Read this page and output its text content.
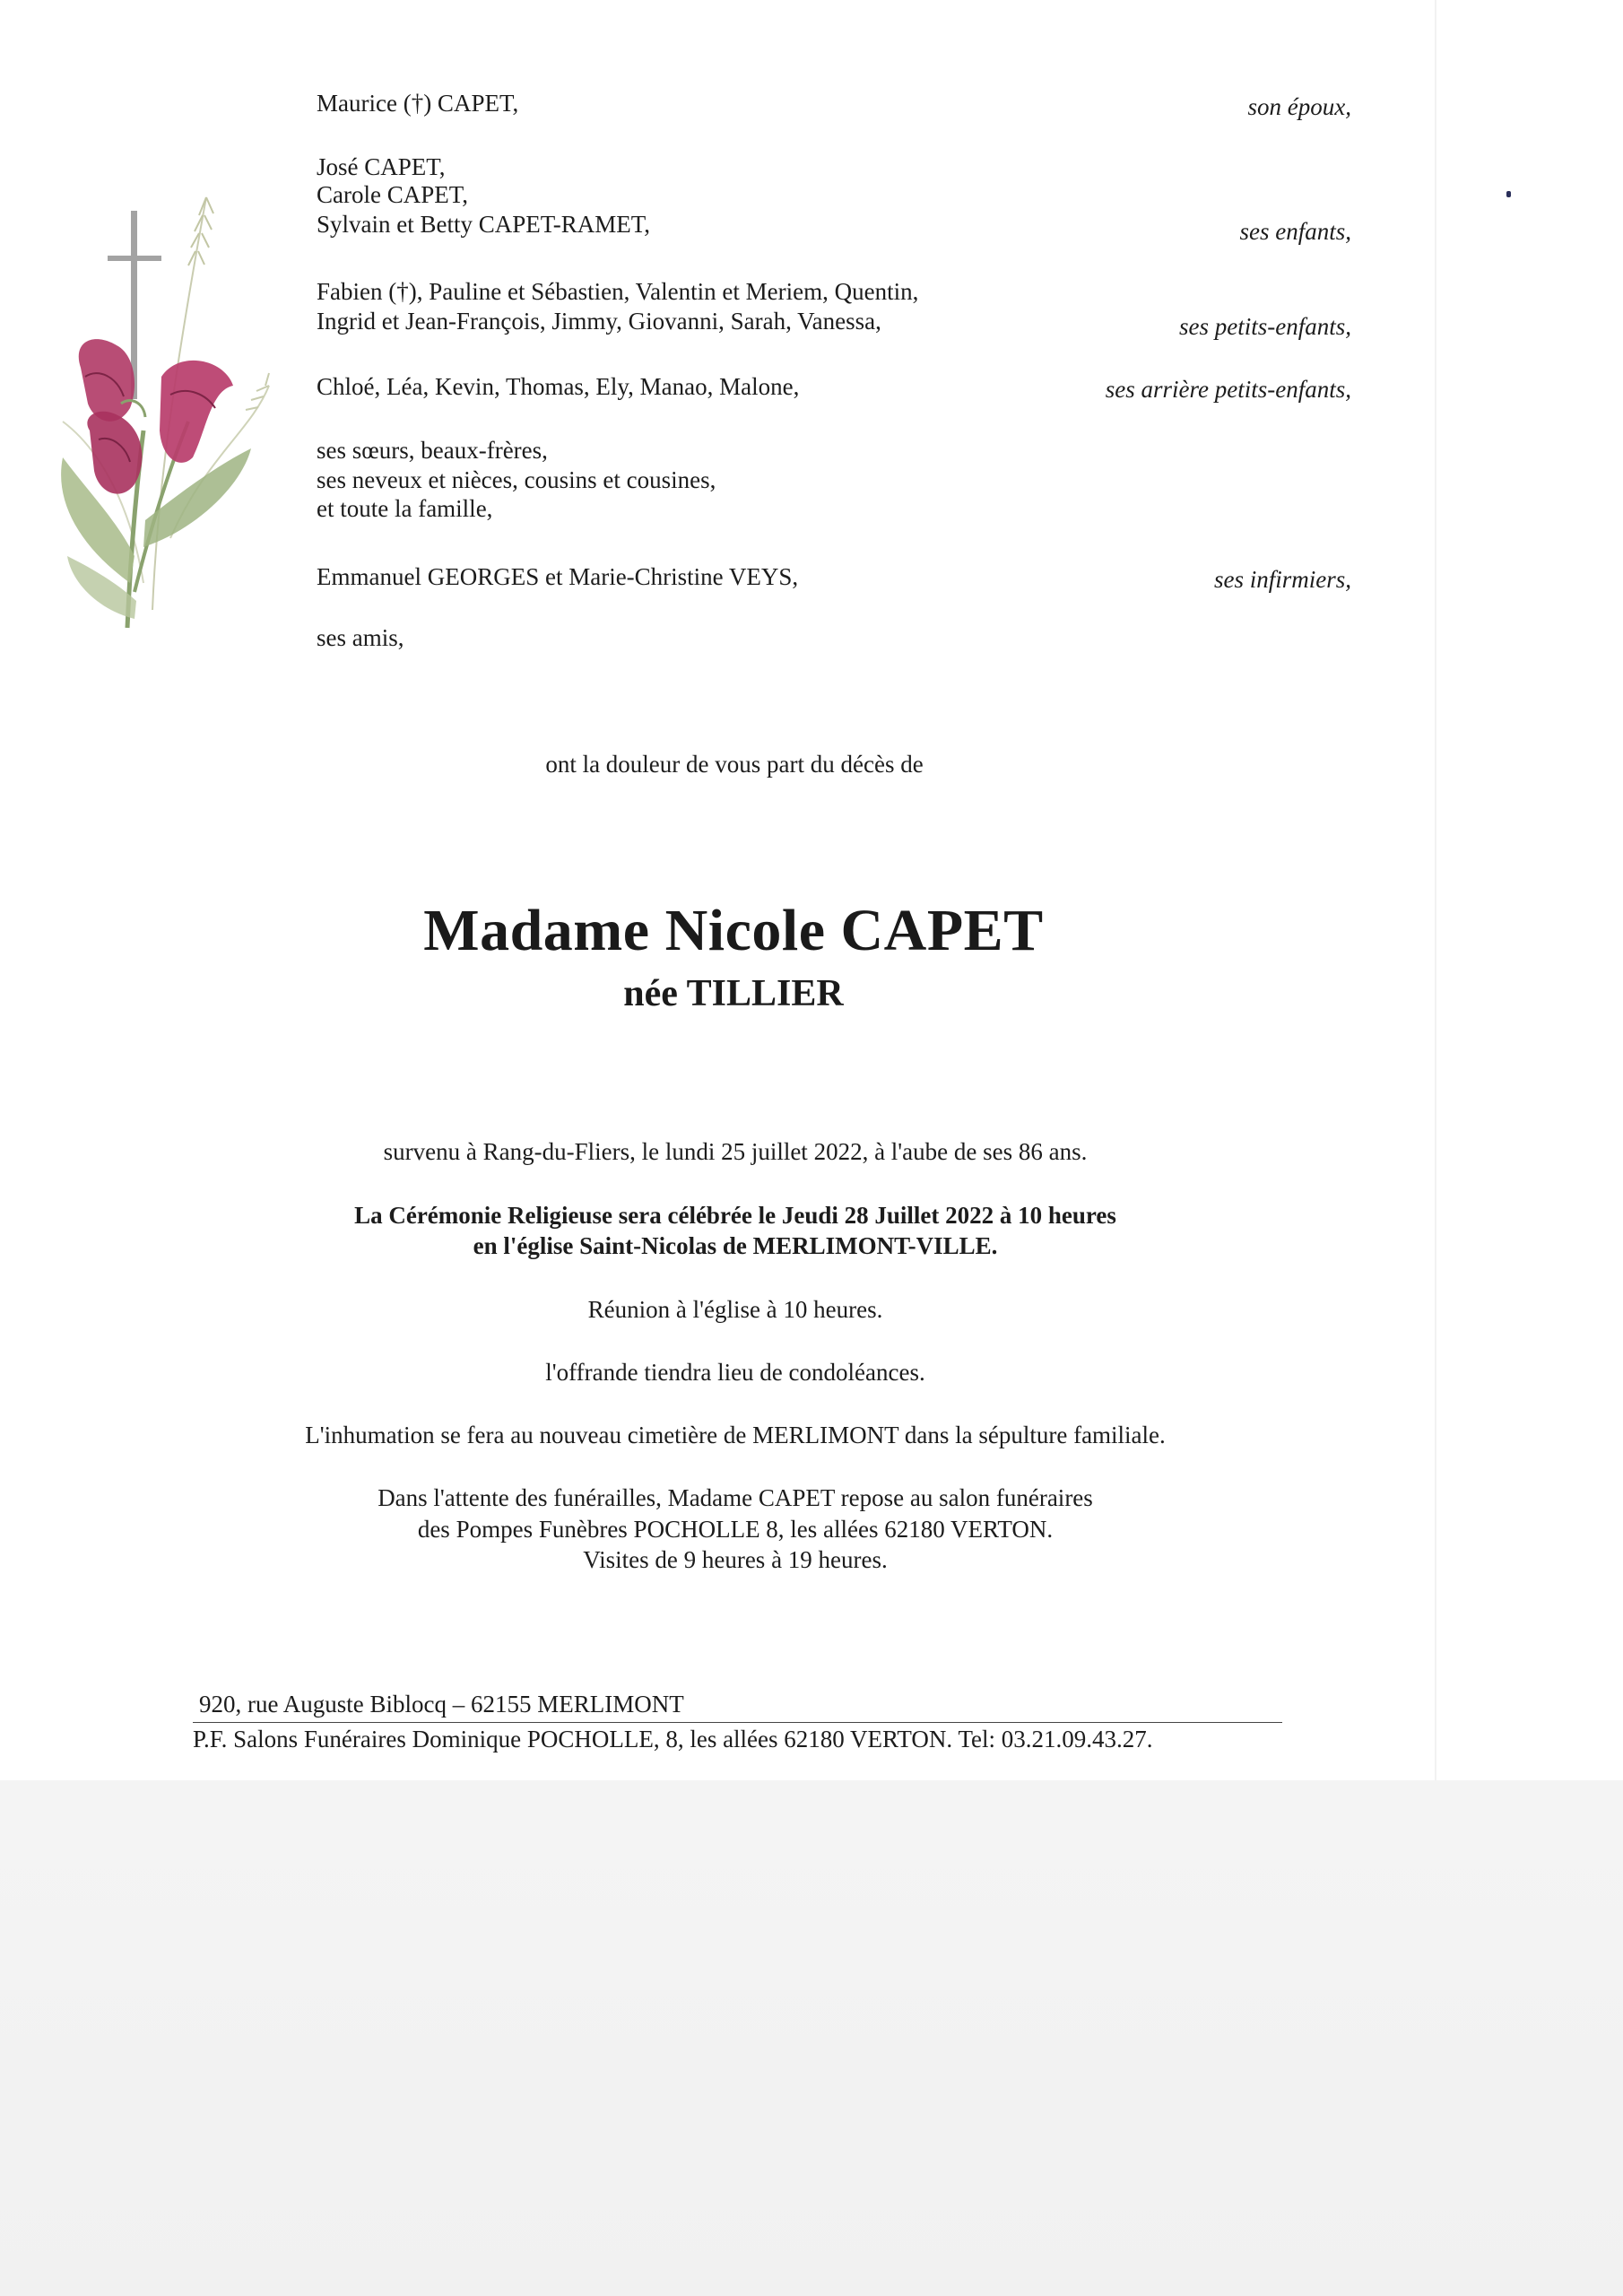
Maurice (†) CAPET,	son époux,
José CAPET,
Carole CAPET,
Sylvain et Betty CAPET-RAMET,	ses enfants,
Fabien (†), Pauline et Sébastien, Valentin et Meriem, Quentin,
Ingrid et Jean-François, Jimmy, Giovanni, Sarah, Vanessa,	ses petits-enfants,
Chloé, Léa, Kevin, Thomas, Ely, Manao, Malone,	ses arrière petits-enfants,
ses sœurs, beaux-frères,
ses neveux et nièces, cousins et cousines,
et toute la famille,
Emmanuel GEORGES et Marie-Christine VEYS,	ses infirmiers,
ses amis,
ont la douleur de vous part du décès de
Madame Nicole CAPET
née TILLIER
survenu à Rang-du-Fliers, le lundi 25 juillet 2022, à l'aube de ses 86 ans.
La Cérémonie Religieuse sera célébrée le Jeudi 28 Juillet 2022 à 10 heures
en l'église Saint-Nicolas de MERLIMONT-VILLE.
Réunion à l'église à 10 heures.
l'offrande tiendra lieu de condoléances.
L'inhumation se fera au nouveau cimetière de MERLIMONT dans la sépulture familiale.
Dans l'attente des funérailles, Madame CAPET repose au salon funéraires
des Pompes Funèbres POCHOLLE 8, les allées 62180 VERTON.
Visites de 9 heures à 19 heures.
920, rue Auguste Biblocq – 62155 MERLIMONT
P.F. Salons Funéraires Dominique POCHOLLE, 8, les allées 62180 VERTON. Tel: 03.21.09.43.27.
